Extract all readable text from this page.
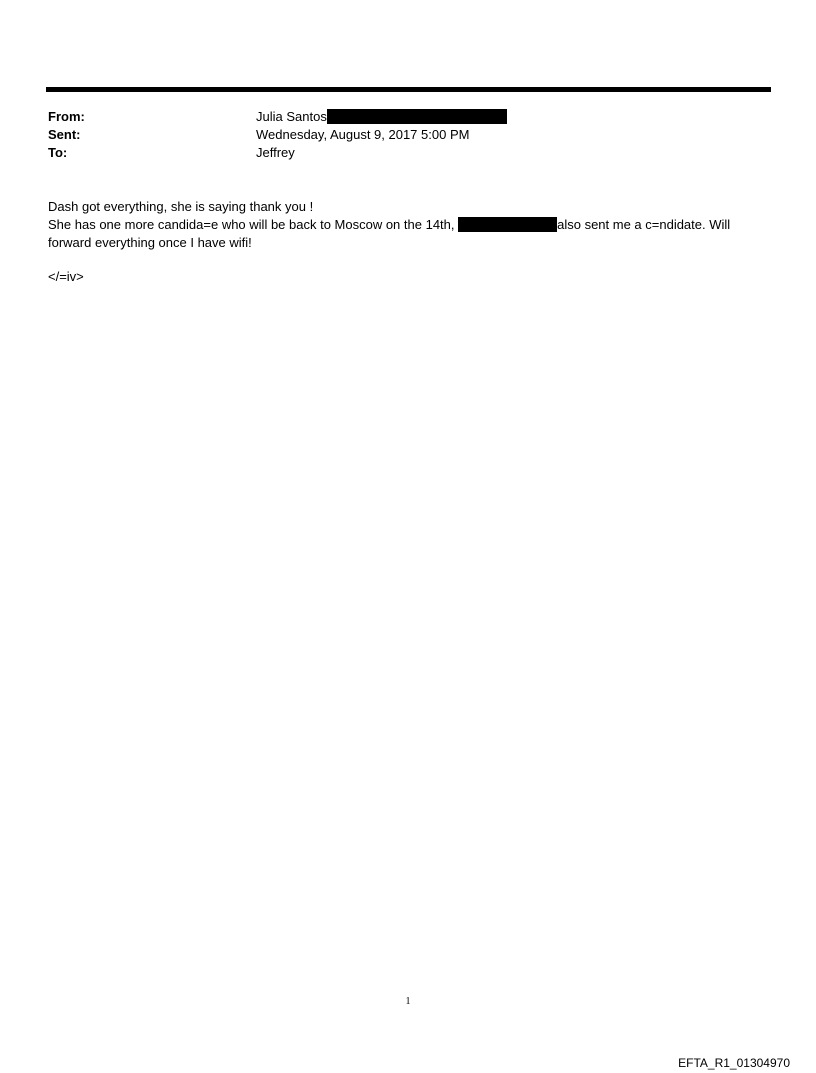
From:	Julia Santos
Sent:	Wednesday, August 9, 2017 5:00 PM
To:	Jeffrey
Dash got everything, she is saying thank you !
She has one more candida=e who will be back to Moscow on the 14th,	also sent me a c=ndidate. Will
forward everything once I have wifi!
</=iv>
1
EFTA_R1_01304970
